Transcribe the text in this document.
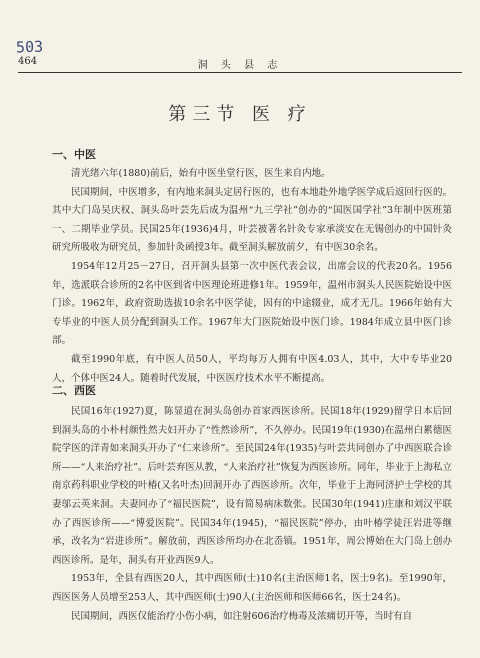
503
464	洞 头 县 志
第三节 医 疗
一、中医

清光绪六年(1880)前后，始有中医坐堂行医，医生来自内地。

民国期间，中医增多，有内地来洞头定居行医的，也有本地赴外地学医学成后返回行医的。其中大门岛吴庆权、洞头岛叶芸先后成为温州“九三学社”创办的“国医国学社”3年制中医班第一、二期毕业学员。民国25年(1936)4月，叶芸被著名针灸专家承淡安在无锡创办的中国针灸研究所吸收为研究员，参加针灸函授3年。截至洞头解放前夕，有中医30余名。

1954年12月25－27日，召开洞头县第一次中医代表会议，出席会议的代表20名。1956年，选派联合诊所的2名中医到省中医理论班进修1年。1959年，温州市洞头人民医院始设中医门诊。1962年，政府资助选拔10余名中医学徒，因有的中途辍业，成才无几。1966年始有大专毕业的中医人员分配到洞头工作。1967年大门医院始设中医门诊。1984年成立县中医门诊部。

截至1990年底，有中医人员50人，平均每万人拥有中医4.03人，其中，大中专毕业20人，个体中医24人。随着时代发展，中医医疗技术水平不断提高。

二、西医

民国16年(1927)夏，陈显道在洞头岛创办首家西医诊所。民国18年(1929)留学日本后回到洞头岛的小朴村颜性然夫妇开办了“性然诊所”，不久停办。民国19年(1930)在温州白累德医院学医的洋青如来洞头开办了“仁来诊所”。至民国24年(1935)与叶芸共同创办了中西医联合诊所——“人来治疗社”。后叶芸弃医从教，“人来治疗社”恢复为西医诊所。同年，毕业于上海私立南京药科职业学校的叶椿(又名叶杰)回洞开办了西医诊所。次年，毕业于上海同济护士学校的其妻邬云英来洞。夫妻同办了“福民医院”，设有简易病床数张。民国30年(1941)庄康和刘汉平联办了西医诊所——“博爱医院”。民国34年(1945)，“福民医院”停办，由叶椿学徒汪岩进等继承，改名为“岩进诊所”。解放前，西医诊所均办在北岙镇。1951年，周公博始在大门岛上创办西医诊所。是年，洞头有开业西医9人。

1953年，全县有西医20人，其中西医师(士)10名(主治医师1名，医士9名)。至1990年，西医医务人员增至253人，其中西医师(士)90人(主治医师和医师66名，医士24名)。

民国期间，西医仅能治疗小伤小病，如注射606治疗梅毒及浓痛切开等，当时有自
